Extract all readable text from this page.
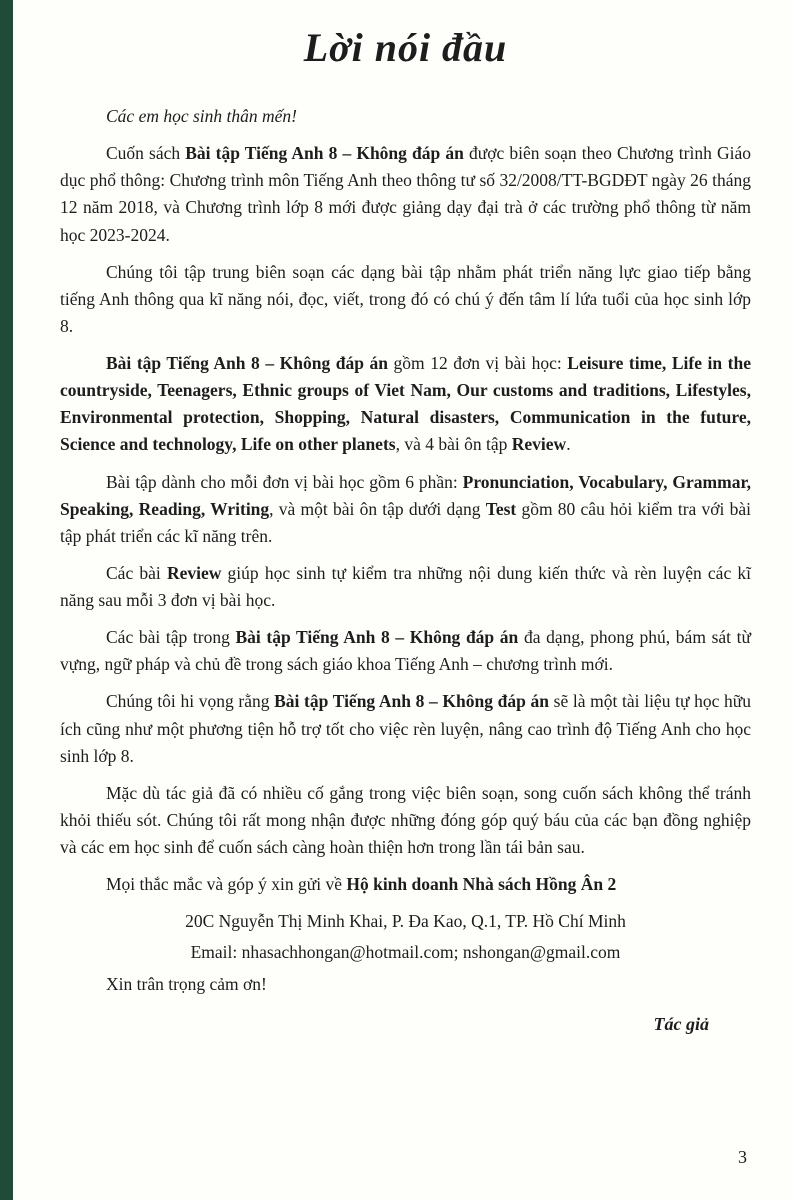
Lời nói đầu

Các em học sinh thân mến!

Cuốn sách Bài tập Tiếng Anh 8 – Không đáp án được biên soạn theo Chương trình Giáo dục phổ thông: Chương trình môn Tiếng Anh theo thông tư số 32/2008/TT-BGDĐT ngày 26 tháng 12 năm 2018, và Chương trình lớp 8 mới được giảng dạy đại trà ở các trường phổ thông từ năm học 2023-2024.

Chúng tôi tập trung biên soạn các dạng bài tập nhằm phát triển năng lực giao tiếp bằng tiếng Anh thông qua kĩ năng nói, đọc, viết, trong đó có chú ý đến tâm lí lứa tuổi của học sinh lớp 8.

Bài tập Tiếng Anh 8 – Không đáp án gồm 12 đơn vị bài học: Leisure time, Life in the countryside, Teenagers, Ethnic groups of Viet Nam, Our customs and traditions, Lifestyles, Environmental protection, Shopping, Natural disasters, Communication in the future, Science and technology, Life on other planets, và 4 bài ôn tập Review.

Bài tập dành cho mỗi đơn vị bài học gồm 6 phần: Pronunciation, Vocabulary, Grammar, Speaking, Reading, Writing, và một bài ôn tập dưới dạng Test gồm 80 câu hỏi kiểm tra với bài tập phát triển các kĩ năng trên.

Các bài Review giúp học sinh tự kiểm tra những nội dung kiến thức và rèn luyện các kĩ năng sau mỗi 3 đơn vị bài học.

Các bài tập trong Bài tập Tiếng Anh 8 – Không đáp án đa dạng, phong phú, bám sát từ vựng, ngữ pháp và chủ đề trong sách giáo khoa Tiếng Anh – chương trình mới.

Chúng tôi hi vọng rằng Bài tập Tiếng Anh 8 – Không đáp án sẽ là một tài liệu tự học hữu ích cũng như một phương tiện hỗ trợ tốt cho việc rèn luyện, nâng cao trình độ Tiếng Anh cho học sinh lớp 8.

Mặc dù tác giả đã có nhiều cố gắng trong việc biên soạn, song cuốn sách không thể tránh khỏi thiếu sót. Chúng tôi rất mong nhận được những đóng góp quý báu của các bạn đồng nghiệp và các em học sinh để cuốn sách càng hoàn thiện hơn trong lần tái bản sau.

Mọi thắc mắc và góp ý xin gửi về Hộ kinh doanh Nhà sách Hồng Ân 2

20C Nguyễn Thị Minh Khai, P. Đa Kao, Q.1, TP. Hồ Chí Minh

Email: nhasachhongan@hotmail.com; nshongan@gmail.com

Xin trân trọng cảm ơn!

Tác giả
3
